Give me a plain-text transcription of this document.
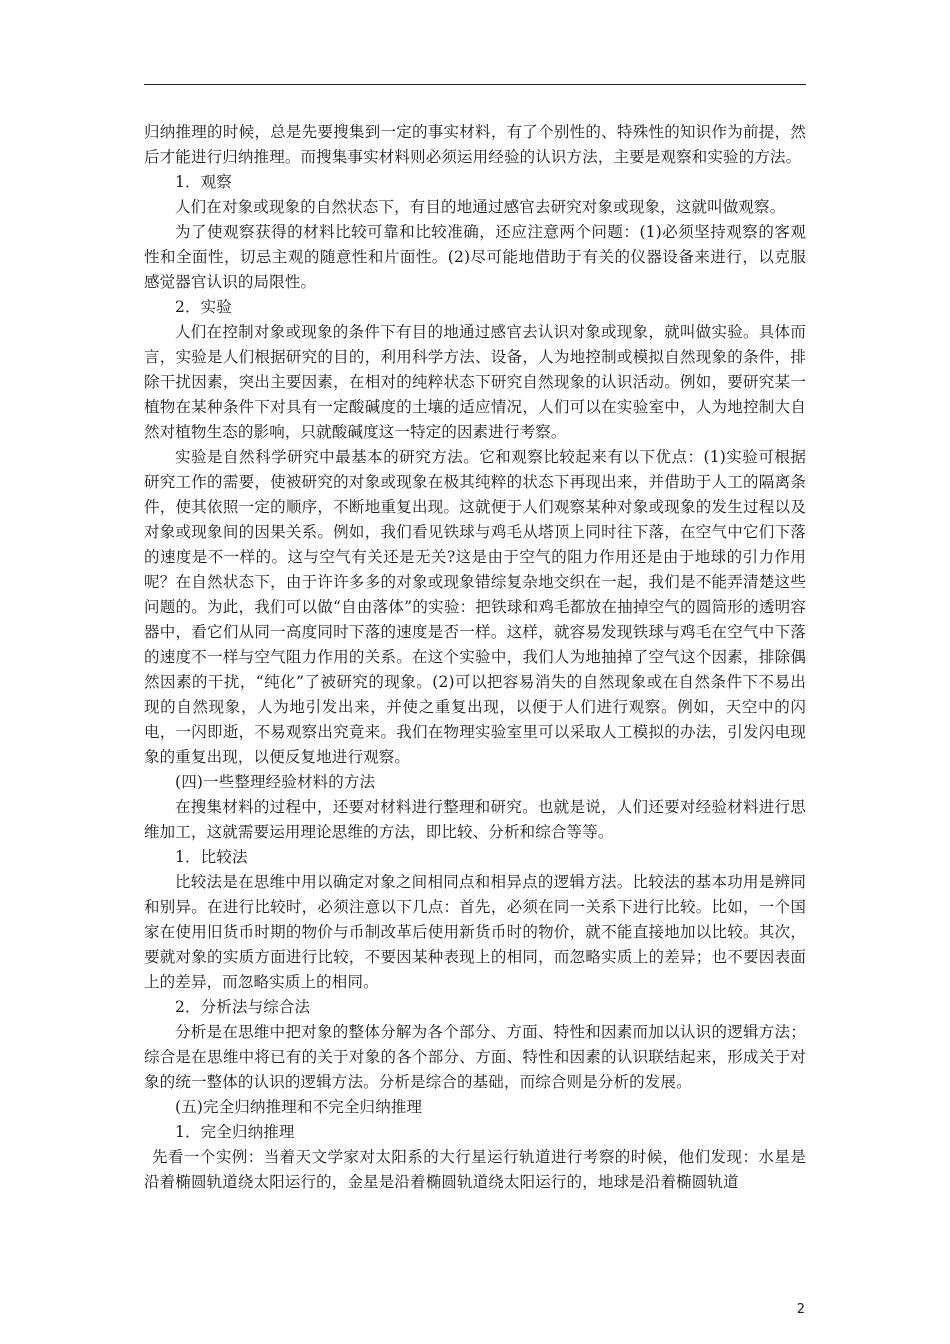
归纳推理的时候，总是先要搜集到一定的事实材料，有了个别性的、特殊性的知识作为前提，然后才能进行归纳推理。而搜集事实材料则必须运用经验的认识方法，主要是观察和实验的方法。

1．观察

人们在对象或现象的自然状态下，有目的地通过感官去研究对象或现象，这就叫做观察。

为了使观察获得的材料比较可靠和比较准确，还应注意两个问题：(1)必须坚持观察的客观性和全面性，切忌主观的随意性和片面性。(2)尽可能地借助于有关的仪器设备来进行，以克服感觉器官认识的局限性。

2．实验

人们在控制对象或现象的条件下有目的地通过感官去认识对象或现象，就叫做实验。具体而言，实验是人们根据研究的目的，利用科学方法、设备，人为地控制或模拟自然现象的条件，排除干扰因素，突出主要因素，在相对的纯粹状态下研究自然现象的认识活动。例如，要研究某一植物在某种条件下对具有一定酸碱度的土壤的适应情况，人们可以在实验室中，人为地控制大自然对植物生态的影响，只就酸碱度这一特定的因素进行考察。

实验是自然科学研究中最基本的研究方法。它和观察比较起来有以下优点：(1)实验可根据研究工作的需要，使被研究的对象或现象在极其纯粹的状态下再现出来，并借助于人工的隔离条件，使其依照一定的顺序，不断地重复出现。这就便于人们观察某种对象或现象的发生过程以及对象或现象间的因果关系。例如，我们看见铁球与鸡毛从塔顶上同时往下落，在空气中它们下落的速度是不一样的。这与空气有关还是无关?这是由于空气的阻力作用还是由于地球的引力作用呢？在自然状态下，由于许许多多的对象或现象错综复杂地交织在一起，我们是不能弄清楚这些问题的。为此，我们可以做“自由落体”的实验：把铁球和鸡毛都放在抽掉空气的圆筒形的透明容器中，看它们从同一高度同时下落的速度是否一样。这样，就容易发现铁球与鸡毛在空气中下落的速度不一样与空气阻力作用的关系。在这个实验中，我们人为地抽掉了空气这个因素，排除偶然因素的干扰，“纯化”了被研究的现象。(2)可以把容易消失的自然现象或在自然条件下不易出现的自然现象，人为地引发出来，并使之重复出现，以便于人们进行观察。例如，天空中的闪电，一闪即逝，不易观察出究竟来。我们在物理实验室里可以采取人工模拟的办法，引发闪电现象的重复出现，以便反复地进行观察。

(四)一些整理经验材料的方法

在搜集材料的过程中，还要对材料进行整理和研究。也就是说，人们还要对经验材料进行思维加工，这就需要运用理论思维的方法，即比较、分析和综合等等。

1．比较法

比较法是在思维中用以确定对象之间相同点和相异点的逻辑方法。比较法的基本功用是辨同和别异。在进行比较时，必须注意以下几点：首先，必须在同一关系下进行比较。比如，一个国家在使用旧货币时期的物价与币制改革后使用新货币时的物价，就不能直接地加以比较。其次，要就对象的实质方面进行比较，不要因某种表现上的相同，而忽略实质上的差异；也不要因表面上的差异，而忽略实质上的相同。

2．分析法与综合法

分析是在思维中把对象的整体分解为各个部分、方面、特性和因素而加以认识的逻辑方法；综合是在思维中将已有的关于对象的各个部分、方面、特性和因素的认识联结起来，形成关于对象的统一整体的认识的逻辑方法。分析是综合的基础，而综合则是分析的发展。

(五)完全归纳推理和不完全归纳推理

1．完全归纳推理

先看一个实例：当着天文学家对太阳系的大行星运行轨道进行考察的时候，他们发现：水星是沿着椭圆轨道绕太阳运行的，金星是沿着椭圆轨道绕太阳运行的，地球是沿着椭圆轨道

2
